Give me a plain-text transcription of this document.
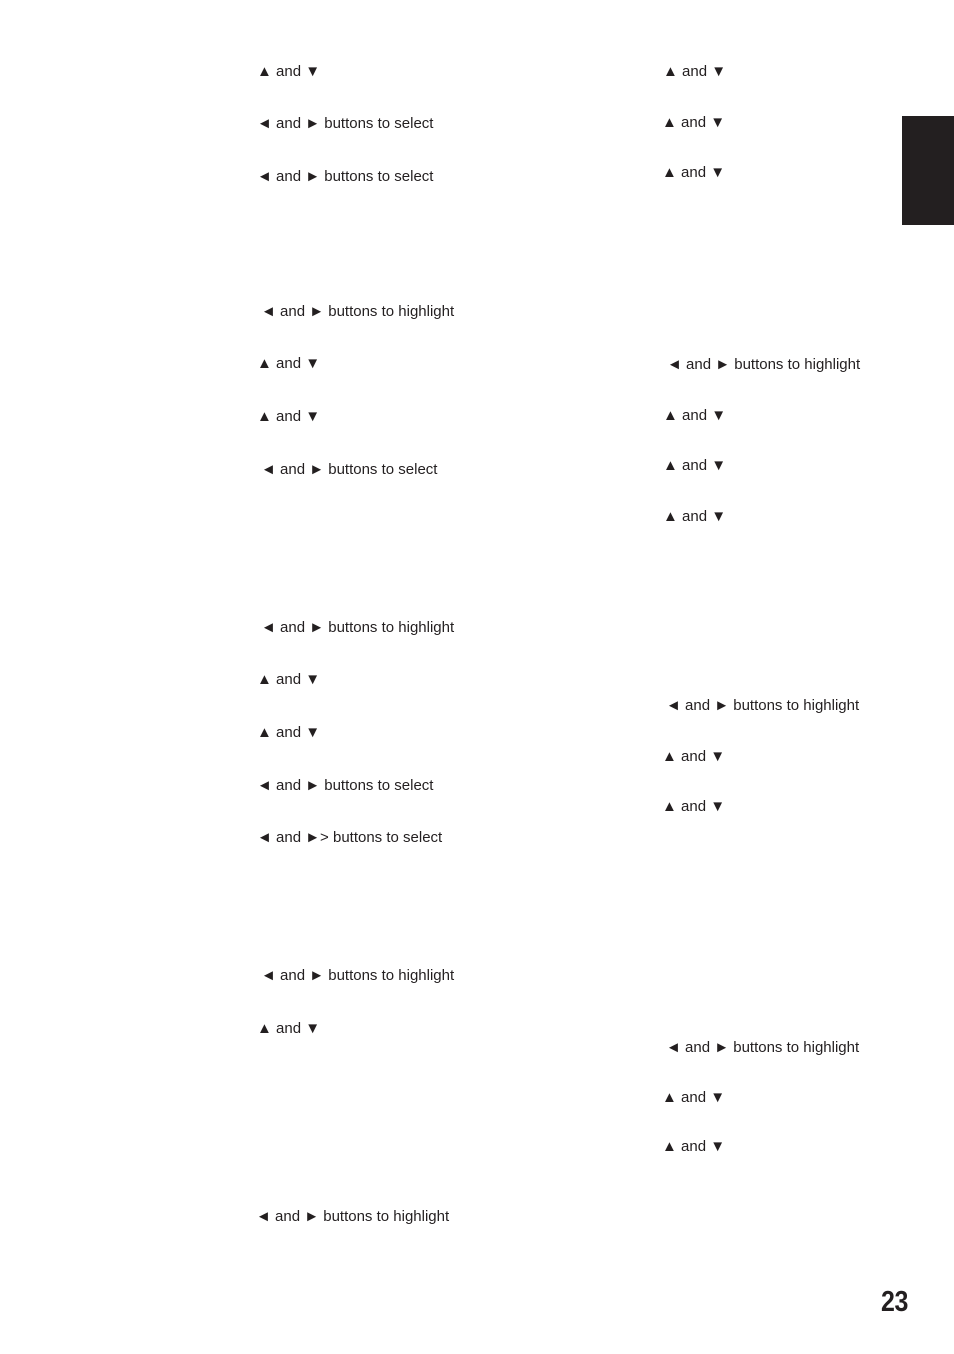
▲ and ▼
◄ and ► buttons to select
◄ and ► buttons to select
◄ and ► buttons to highlight
▲ and ▼
▲ and ▼
◄ and ► buttons to select
◄ and ► buttons to highlight
▲ and ▼
▲ and ▼
◄ and ► buttons to select
◄ and ►> buttons to select
◄ and ► buttons to highlight
▲ and ▼
◄ and ► buttons to highlight
▲ and ▼
▲ and ▼
▲ and ▼
◄ and ► buttons to highlight
▲ and ▼
▲ and ▼
▲ and ▼
◄ and ► buttons to highlight
▲ and ▼
▲ and ▼
◄ and ► buttons to highlight
▲ and ▼
▲ and ▼
23
